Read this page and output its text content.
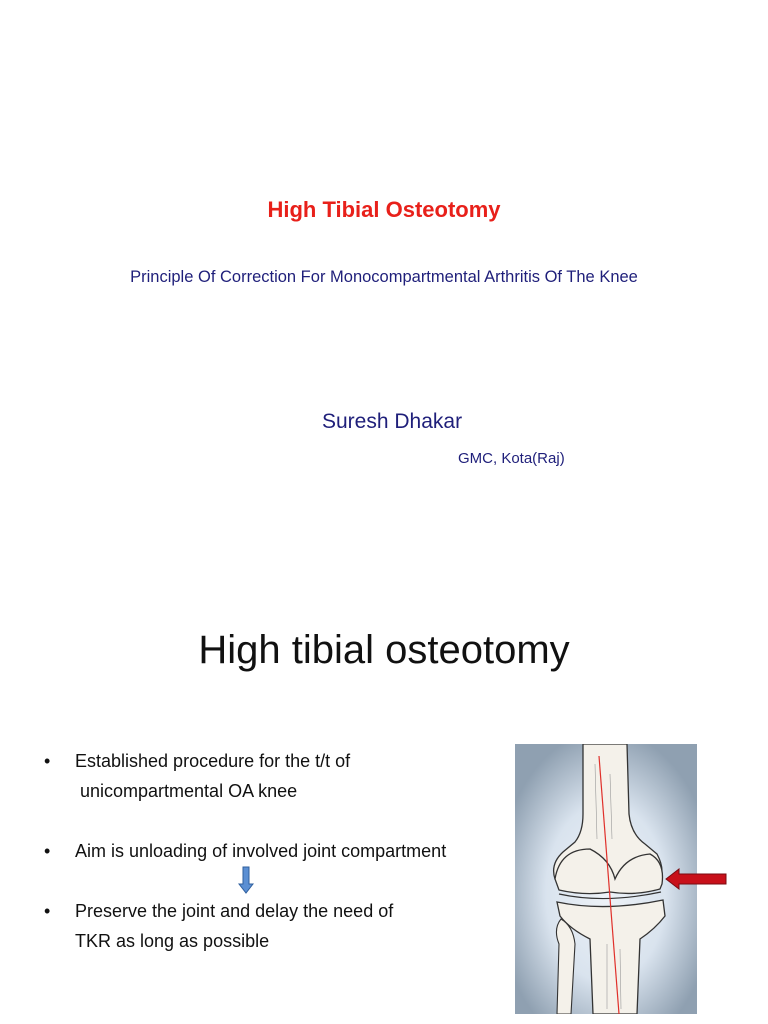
High Tibial Osteotomy
Principle Of Correction For Monocompartmental Arthritis Of The Knee
Suresh Dhakar
GMC, Kota(Raj)
High tibial osteotomy
• Established procedure for the t/t of
unicompartmental OA knee
• Aim is unloading of involved joint compartment
• Preserve the joint and delay the need of
TKR as long as possible
